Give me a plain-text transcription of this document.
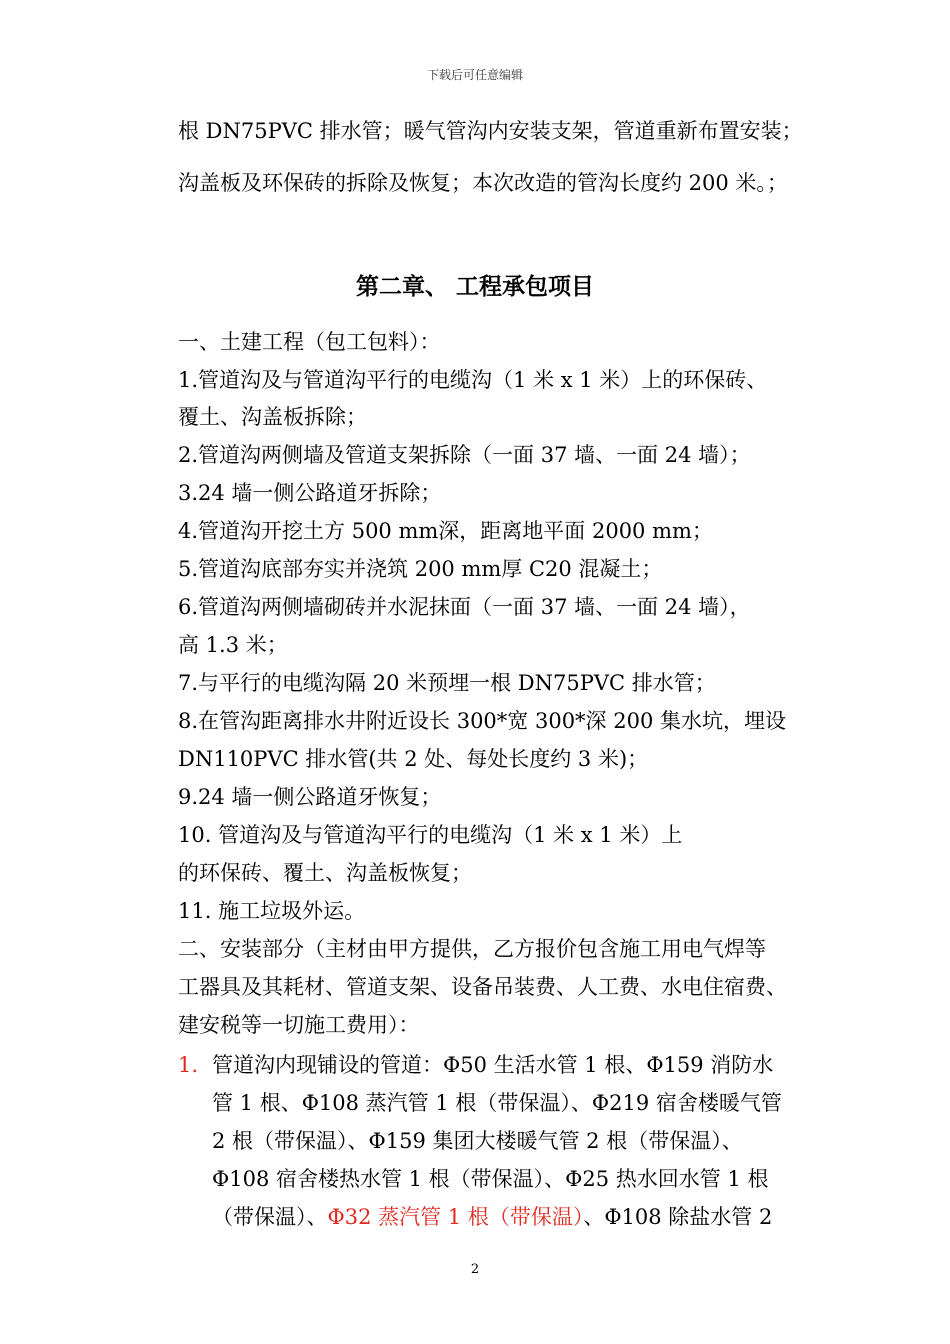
下载后可任意编辑
根 DN75PVC 排水管；暖气管沟内安装支架，管道重新布置安装；
沟盖板及环保砖的拆除及恢复；本次改造的管沟长度约 200 米。；
第二章、 工程承包项目
一、土建工程（包工包料）：
1.管道沟及与管道沟平行的电缆沟（1 米 x 1 米）上的环保砖、
覆土、沟盖板拆除；
2.管道沟两侧墙及管道支架拆除（一面 37 墙、一面 24 墙）；
3.24 墙一侧公路道牙拆除；
4.管道沟开挖土方 500 mm深，距离地平面 2000 mm；
5.管道沟底部夯实并浇筑 200 mm厚 C20 混凝土；
6.管道沟两侧墙砌砖并水泥抹面（一面 37 墙、一面 24 墙），
高 1.3 米；
7.与平行的电缆沟隔 20 米预埋一根 DN75PVC 排水管；
8.在管沟距离排水井附近设长 300*宽 300*深 200 集水坑，埋设
DN110PVC 排水管(共 2 处、每处长度约 3 米)；
9.24 墙一侧公路道牙恢复；
10. 管道沟及与管道沟平行的电缆沟（1 米 x 1 米）上
的环保砖、覆土、沟盖板恢复；
11. 施工垃圾外运。
二、安装部分（主材由甲方提供，乙方报价包含施工用电气焊等
工器具及其耗材、管道支架、设备吊装费、人工费、水电住宿费、
建安税等一切施工费用）：
1. 管道沟内现铺设的管道：Φ50 生活水管 1 根、Φ159 消防水
管 1 根、Φ108 蒸汽管 1 根（带保温）、Φ219 宿舍楼暖气管
2 根（带保温）、Φ159 集团大楼暖气管 2 根（带保温）、
Φ108 宿舍楼热水管 1 根（带保温）、Φ25 热水回水管 1 根
（带保温）、Φ32 蒸汽管 1 根（带保温）、Φ108 除盐水管 2
2
